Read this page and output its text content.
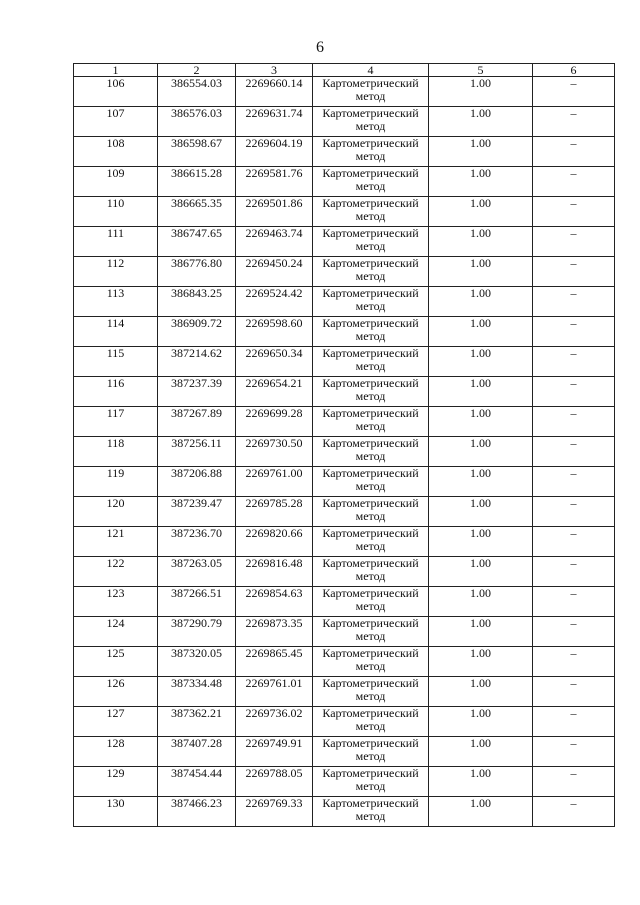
6
1	2	3	4	5	6
106	386554.03	2269660.14	Картометрический метод	1.00	–
107	386576.03	2269631.74	Картометрический метод	1.00	–
108	386598.67	2269604.19	Картометрический метод	1.00	–
109	386615.28	2269581.76	Картометрический метод	1.00	–
110	386665.35	2269501.86	Картометрический метод	1.00	–
111	386747.65	2269463.74	Картометрический метод	1.00	–
112	386776.80	2269450.24	Картометрический метод	1.00	–
113	386843.25	2269524.42	Картометрический метод	1.00	–
114	386909.72	2269598.60	Картометрический метод	1.00	–
115	387214.62	2269650.34	Картометрический метод	1.00	–
116	387237.39	2269654.21	Картометрический метод	1.00	–
117	387267.89	2269699.28	Картометрический метод	1.00	–
118	387256.11	2269730.50	Картометрический метод	1.00	–
119	387206.88	2269761.00	Картометрический метод	1.00	–
120	387239.47	2269785.28	Картометрический метод	1.00	–
121	387236.70	2269820.66	Картометрический метод	1.00	–
122	387263.05	2269816.48	Картометрический метод	1.00	–
123	387266.51	2269854.63	Картометрический метод	1.00	–
124	387290.79	2269873.35	Картометрический метод	1.00	–
125	387320.05	2269865.45	Картометрический метод	1.00	–
126	387334.48	2269761.01	Картометрический метод	1.00	–
127	387362.21	2269736.02	Картометрический метод	1.00	–
128	387407.28	2269749.91	Картометрический метод	1.00	–
129	387454.44	2269788.05	Картометрический метод	1.00	–
130	387466.23	2269769.33	Картометрический метод	1.00	–
